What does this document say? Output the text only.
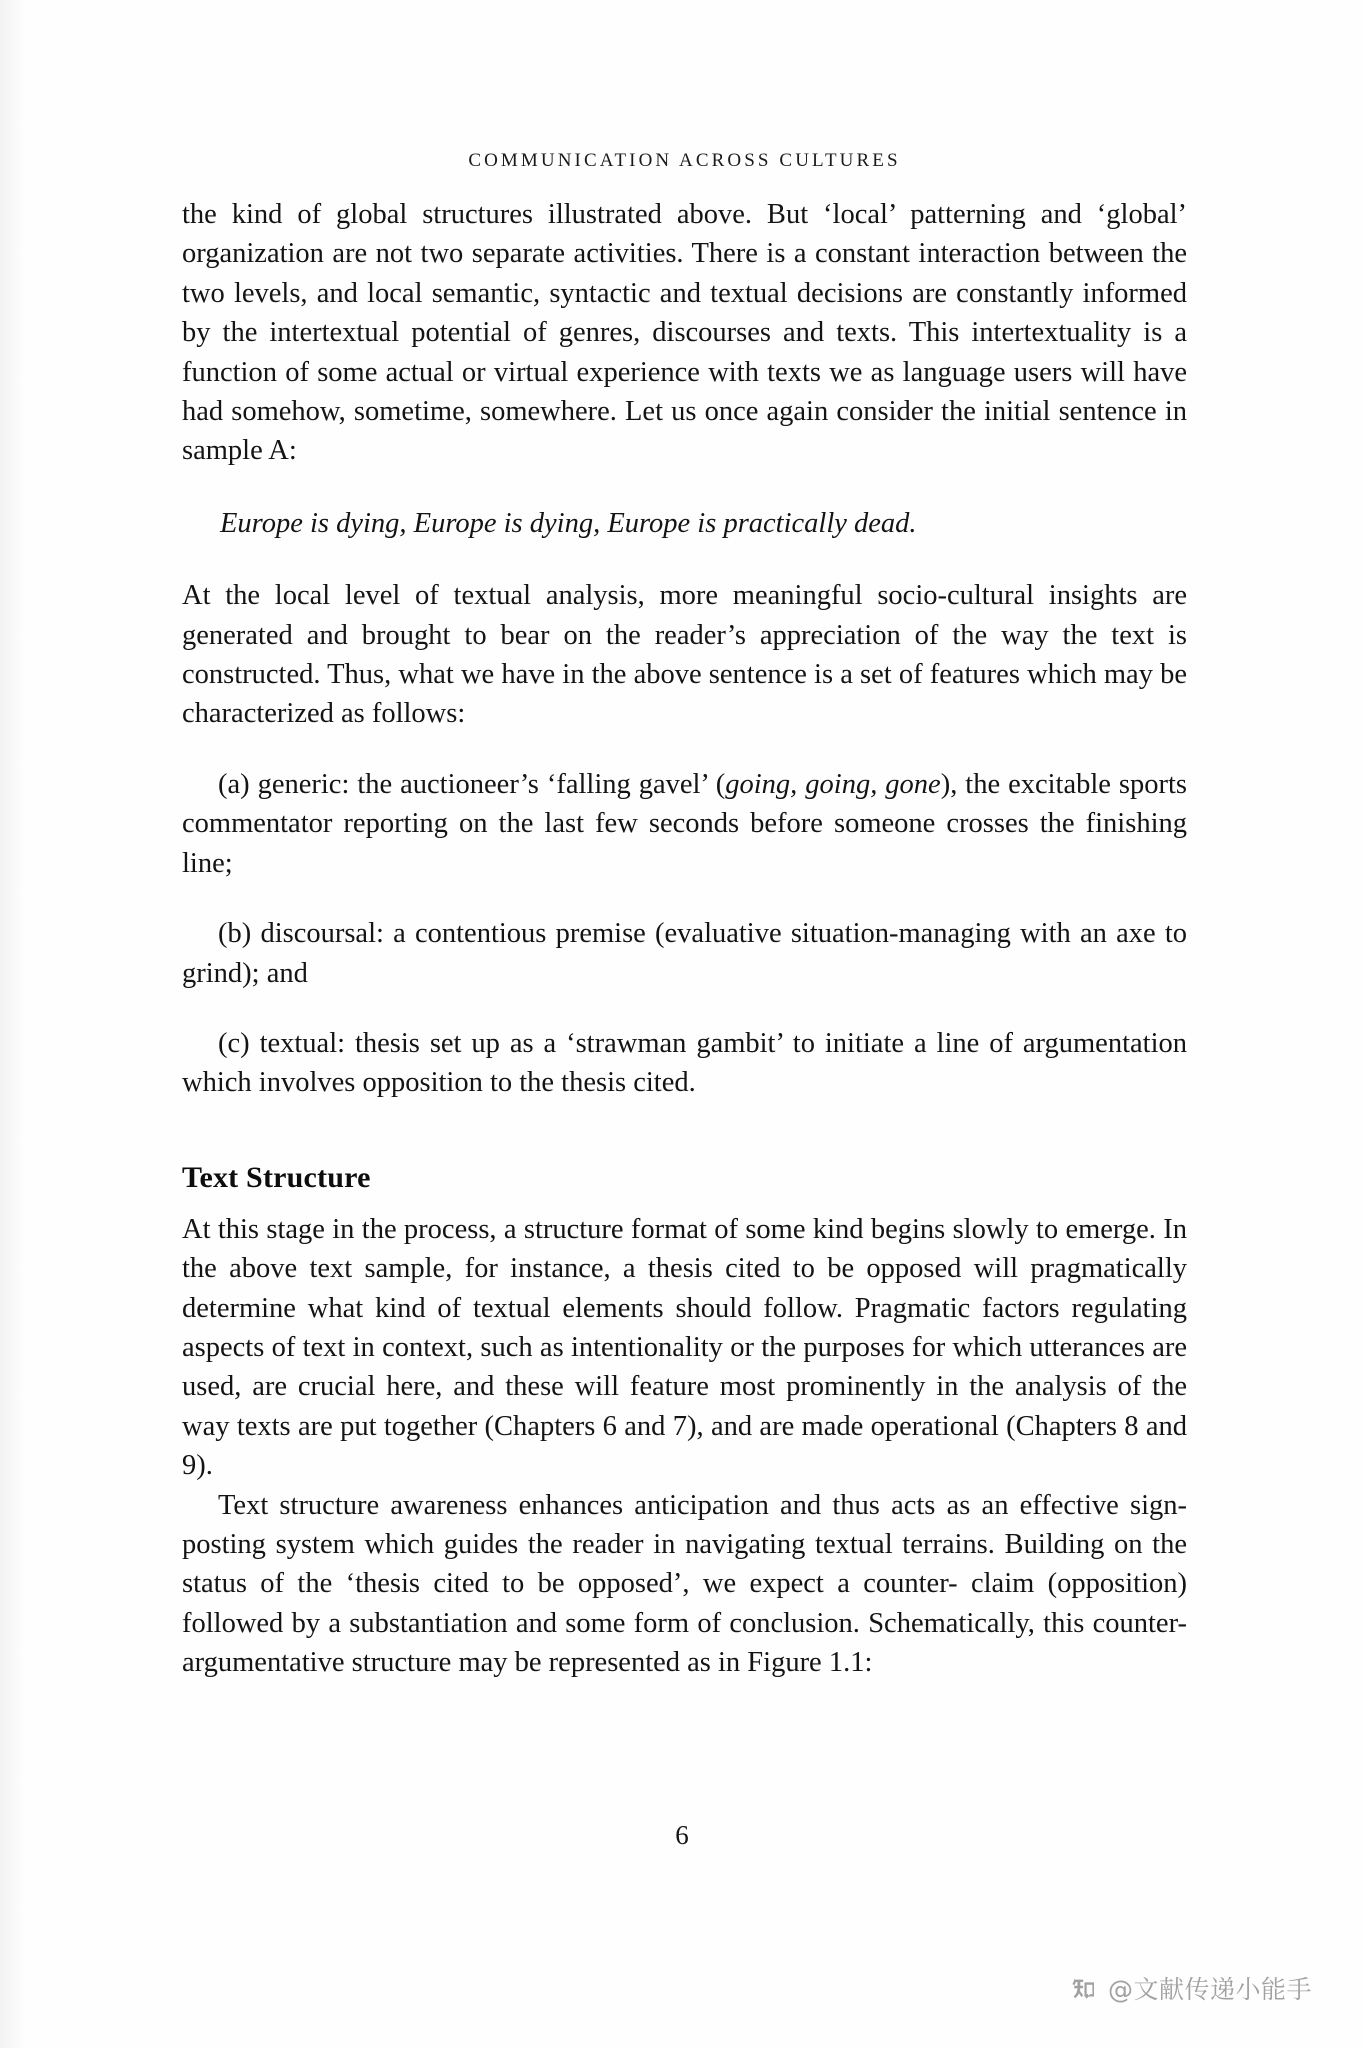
COMMUNICATION ACROSS CULTURES

the kind of global structures illustrated above. But ‘local’ patterning and ‘global’ organization are not two separate activities. There is a constant interaction between the two levels, and local semantic, syntactic and textual decisions are constantly informed by the intertextual potential of genres, discourses and texts. This intertextuality is a function of some actual or virtual experience with texts we as language users will have had somehow, sometime, somewhere. Let us once again consider the initial sentence in sample A:

Europe is dying, Europe is dying, Europe is practically dead.

At the local level of textual analysis, more meaningful socio-cultural insights are generated and brought to bear on the reader’s appreciation of the way the text is constructed. Thus, what we have in the above sentence is a set of features which may be characterized as follows:

(a) generic: the auctioneer’s ‘falling gavel’ (going, going, gone), the excitable sports commentator reporting on the last few seconds before someone crosses the finishing line;

(b) discoursal: a contentious premise (evaluative situation-managing with an axe to grind); and

(c) textual: thesis set up as a ‘strawman gambit’ to initiate a line of argumentation which involves opposition to the thesis cited.

Text Structure

At this stage in the process, a structure format of some kind begins slowly to emerge. In the above text sample, for instance, a thesis cited to be opposed will pragmatically determine what kind of textual elements should follow. Pragmatic factors regulating aspects of text in context, such as intentionality or the purposes for which utterances are used, are crucial here, and these will feature most prominently in the analysis of the way texts are put together (Chapters 6 and 7), and are made operational (Chapters 8 and 9).

Text structure awareness enhances anticipation and thus acts as an effective sign-posting system which guides the reader in navigating textual terrains. Building on the status of the ‘thesis cited to be opposed’, we expect a counter- claim (opposition) followed by a substantiation and some form of conclusion. Schematically, this counter-argumentative structure may be represented as in Figure 1.1:

6
@文献传递小能手
